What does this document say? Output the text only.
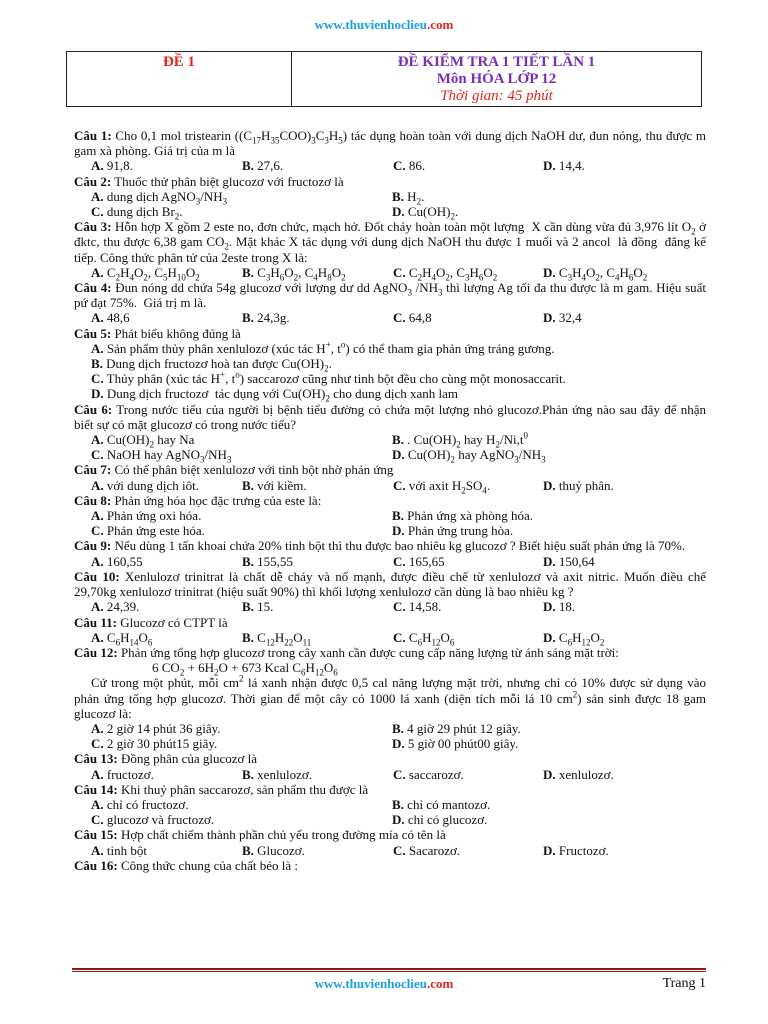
www.thuvienhoclieu.com
ĐỀ 1	ĐỀ KIỂM TRA 1 TIẾT LẦN 1
Môn HÓA LỚP 12
Thời gian: 45 phút

Câu 1: Cho 0,1 mol tristearin $((C_{17}H_{35}COO)_3C_3H_5)$ tác dụng hoàn toàn với dung dịch NaOH dư, đun nóng, thu được m gam xà phòng. Giá trị của m là

A. 91,8.	B. 27,6.	C. 86.	D. 14,4.

Câu 2: Thuốc thử phân biệt glucozơ với fructozơ là

A. dung dịch $AgNO_3/NH_3$	B. $H_2$.
C. dung dịch $Br_2$.	D. $Cu(OH)_2$.

Câu 3: Hỗn hợp X gồm 2 este no, đơn chức, mạch hở. Đốt cháy hoàn toàn một lượng  X cần dùng vừa đủ 3,976 lít $O_2$ ở đktc, thu được 6,38 gam $CO_2$. Mặt khác X tác dụng với dung dịch NaOH thu được 1 muối và 2 ancol  là đồng  đẳng kế tiếp. Công thức phân tử của 2este trong X là:

A. $C_2H_4O_2$, $C_5H_{10}O_2$	B. $C_3H_6O_2$, $C_4H_8O_2$	C. $C_2H_4O_2$, $C_3H_6O_2$	D. $C_3H_4O_2$, $C_4H_6O_2$

Câu 4: Đun nóng dd chứa 54g glucozơ với lượng dư dd AgNO$_3$ $/NH_3$ thì lượng Ag tối đa thu được là m gam. Hiệu suất pứ đạt 75%.  Giá trị m là.

A. 48,6	B. 24,3g.	C. 64,8	D. 32,4

Câu 5: Phát biểu không đúng là

A. Sản phẩm thủy phân xenlulozơ (xúc tác H+, $t^o$) có thể tham gia phản ứng tráng gương.
B. Dung dịch fructozơ hoà tan được $Cu(OH)_2$.
C. Thủy phân (xúc tác H+, $t^o$) saccarozơ cũng như tinh bột đều cho cùng một monosaccarit.
D. Dung dịch fructozơ  tác dụng với $Cu(OH)_2$ cho dung dịch xanh lam

Câu 6: Trong nước tiểu của người bị bệnh tiểu đường có chứa một lượng nhỏ glucozơ.Phản ứng nào sau đây để nhận biết sự có mặt glucozơ có trong nước tiểu?

A. $Cu(OH)_2$ hay Na	B. . $Cu(OH)_2$ hay $H_2/Ni,t^0$
C. NaOH hay $AgNO_3/NH_3$	D. $Cu(OH)_2$ hay $AgNO_3/NH_3$

Câu 7: Có thể phân biệt xenlulozơ với tinh bột nhờ phản ứng

A. với dung dịch iôt.	B. với kiềm.	C. với axit $H_2SO_4$.	D. thuỷ phân.

Câu 8: Phản ứng hóa học đặc trưng của este là:

A. Phản ứng oxi hóa.	B. Phản ứng xà phòng hóa.
C. Phản ứng este hóa.	D. Phản ứng trung hòa.

Câu 9: Nếu dùng 1 tấn khoai chứa 20% tinh bột thì thu được bao nhiêu kg glucozơ ? Biết hiệu suất phản ứng là 70%.

A. 160,55	B. 155,55	C. 165,65	D. 150,64

Câu 10: Xenlulozơ trinitrat là chất dễ cháy và nổ mạnh, được điều chế từ xenlulozơ và axit nitric. Muốn điều chế 29,70kg xenlulozơ trinitrat (hiệu suất 90%) thì khối lượng xenlulozơ cần dùng là bao nhiêu kg ?

A. 24,39.	B. 15.	C. 14,58.	D. 18.

Câu 11: Glucozơ có CTPT là

A. $C_6H_{14}O_6$	B. $C_{12}H_{22}O_{11}$	C. $C_6H_{12}O_6$	D. $C_6H_{12}O_2$

Câu 12: Phản ứng tổng hợp glucozơ trong cây xanh cần được cung cấp năng lượng từ ánh sáng mặt trời:

6 $CO_2 + 6H_2O + 673$ Kcal $C_6H_{12}O_6$
Cứ trong một phút, mỗi $cm^2$ lá xanh nhận được 0,5 cal năng lượng mặt trời, nhưng chỉ có 10% được sử dụng vào phản ứng tổng hợp glucozơ. Thời gian để một cây có 1000 lá xanh (diện tích mỗi lá 10 $cm^2$) sản sinh được 18 gam glucozơ là:
A. 2 giờ 14 phút 36 giây.	B. 4 giờ 29 phút 12 giây.
C. 2 giờ 30 phút15 giây.	D. 5 giờ 00 phút00 giây.

Câu 13: Đồng phân của glucozơ là

A. fructozơ.	B. xenlulozơ.	C. saccarozơ.	D. xenlulozơ.

Câu 14: Khi thuỷ phân saccarozơ, sản phẩm thu được là

A. chỉ có fructozơ.	B. chỉ có mantozơ.
C. glucozơ và fructozơ.	D. chỉ có glucozơ.

Câu 15: Hợp chất chiếm thành phần chủ yếu trong đường mía có tên là

A. tinh bột	B. Glucozơ.	C. Sacarozơ.	D. Fructozơ.

Câu 16: Công thức chung của chất béo là :

www.thuvienhoclieu.com	Trang 1
